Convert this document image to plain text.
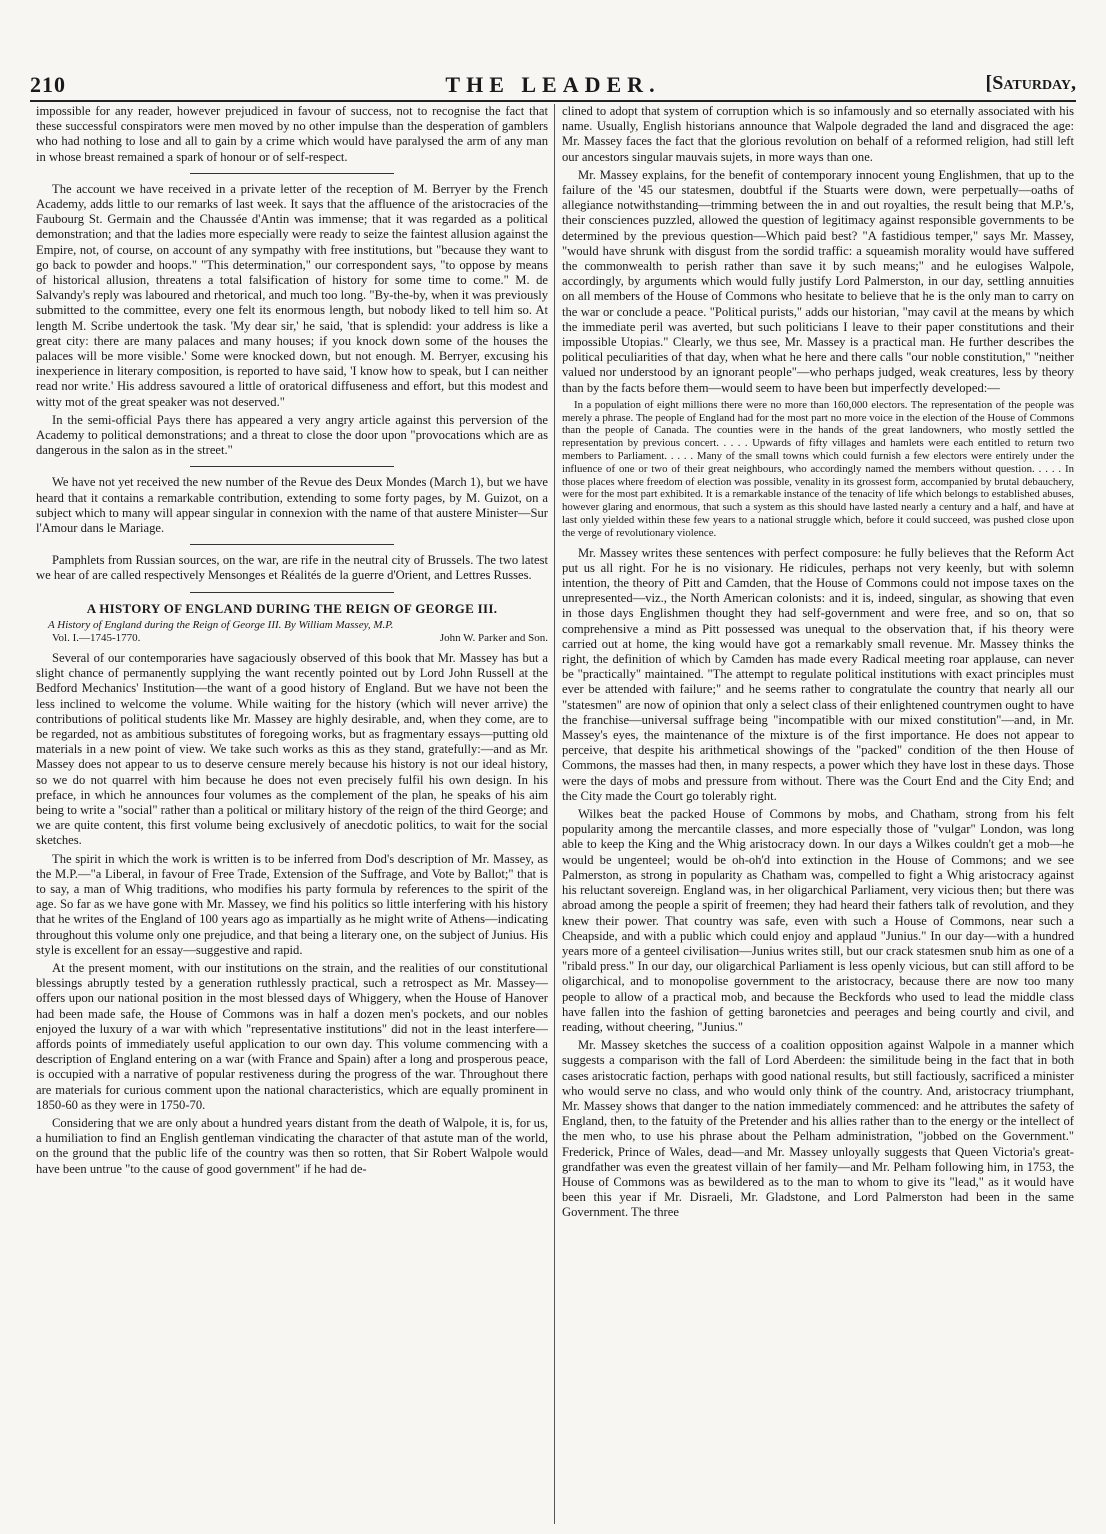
210	THE LEADER.	[Saturday,

impossible for any reader, however prejudiced in favour of success, not to recognise the fact that these successful conspirators were men moved by no other impulse than the desperation of gamblers who had nothing to lose and all to gain by a crime which would have paralysed the arm of any man in whose breast remained a spark of honour or of self-respect.

The account we have received in a private letter of the reception of M. Berryer by the French Academy, adds little to our remarks of last week. It says that the affluence of the aristocracies of the Faubourg St. Germain and the Chaussée d'Antin was immense; that it was regarded as a political demonstration; and that the ladies more especially were ready to seize the faintest allusion against the Empire, not, of course, on account of any sympathy with free institutions, but "because they want to go back to powder and hoops." "This determination," our correspondent says, "to oppose by means of historical allusion, threatens a total falsification of history for some time to come." M. de Salvandy's reply was laboured and rhetorical, and much too long. "By-the-by, when it was previously submitted to the committee, every one felt its enormous length, but nobody liked to tell him so. At length M. Scribe undertook the task. 'My dear sir,' he said, 'that is splendid: your address is like a great city: there are many palaces and many houses; if you knock down some of the houses the palaces will be more visible.' Some were knocked down, but not enough. M. Berryer, excusing his inexperience in literary composition, is reported to have said, 'I know how to speak, but I can neither read nor write.' His address savoured a little of oratorical diffuseness and effort, but this modest and witty mot of the great speaker was not deserved."

In the semi-official Pays there has appeared a very angry article against this perversion of the Academy to political demonstrations; and a threat to close the door upon "provocations which are as dangerous in the salon as in the street."

We have not yet received the new number of the Revue des Deux Mondes (March 1), but we have heard that it contains a remarkable contribution, extending to some forty pages, by M. Guizot, on a subject which to many will appear singular in connexion with the name of that austere Minister—Sur l'Amour dans le Mariage.

Pamphlets from Russian sources, on the war, are rife in the neutral city of Brussels. The two latest we hear of are called respectively Mensonges et Réalités de la guerre d'Orient, and Lettres Russes.

A HISTORY OF ENGLAND DURING THE REIGN OF GEORGE III.
A History of England during the Reign of George III. By William Massey, M.P.
Vol. I.—1745-1770.	John W. Parker and Son.

Several of our contemporaries have sagaciously observed of this book that Mr. Massey has but a slight chance of permanently supplying the want recently pointed out by Lord John Russell at the Bedford Mechanics' Institution—the want of a good history of England. But we have not been the less inclined to welcome the volume. While waiting for the history (which will never arrive) the contributions of political students like Mr. Massey are highly desirable, and, when they come, are to be regarded, not as ambitious substitutes of foregoing works, but as fragmentary essays—putting old materials in a new point of view. We take such works as this as they stand, gratefully:—and as Mr. Massey does not appear to us to deserve censure merely because his history is not our ideal history, so we do not quarrel with him because he does not even precisely fulfil his own design. In his preface, in which he announces four volumes as the complement of the plan, he speaks of his aim being to write a "social" rather than a political or military history of the reign of the third George; and we are quite content, this first volume being exclusively of anecdotic politics, to wait for the social sketches.

The spirit in which the work is written is to be inferred from Dod's description of Mr. Massey, as the M.P.—"a Liberal, in favour of Free Trade, Extension of the Suffrage, and Vote by Ballot;" that is to say, a man of Whig traditions, who modifies his party formula by references to the spirit of the age. So far as we have gone with Mr. Massey, we find his politics so little interfering with his history that he writes of the England of 100 years ago as impartially as he might write of Athens—indicating throughout this volume only one prejudice, and that being a literary one, on the subject of Junius. His style is excellent for an essay—suggestive and rapid.

At the present moment, with our institutions on the strain, and the realities of our constitutional blessings abruptly tested by a generation ruthlessly practical, such a retrospect as Mr. Massey—offers upon our national position in the most blessed days of Whiggery, when the House of Hanover had been made safe, the House of Commons was in half a dozen men's pockets, and our nobles enjoyed the luxury of a war with which "representative institutions" did not in the least interfere—affords points of immediately useful application to our own day. This volume commencing with a description of England entering on a war (with France and Spain) after a long and prosperous peace, is occupied with a narrative of popular restiveness during the progress of the war. Throughout there are materials for curious comment upon the national characteristics, which are equally prominent in 1850-60 as they were in 1750-70.

Considering that we are only about a hundred years distant from the death of Walpole, it is, for us, a humiliation to find an English gentleman vindicating the character of that astute man of the world, on the ground that the public life of the country was then so rotten, that Sir Robert Walpole would have been untrue "to the cause of good government" if he had de-

clined to adopt that system of corruption which is so infamously and so eternally associated with his name. Usually, English historians announce that Walpole degraded the land and disgraced the age: Mr. Massey faces the fact that the glorious revolution on behalf of a reformed religion, had still left our ancestors singular mauvais sujets, in more ways than one.

Mr. Massey explains, for the benefit of contemporary innocent young Englishmen, that up to the failure of the '45 our statesmen, doubtful if the Stuarts were down, were perpetually—oaths of allegiance notwithstanding—trimming between the in and out royalties, the result being that M.P.'s, their consciences puzzled, allowed the question of legitimacy against responsible governments to be determined by the previous question—Which paid best? "A fastidious temper," says Mr. Massey, "would have shrunk with disgust from the sordid traffic: a squeamish morality would have suffered the commonwealth to perish rather than save it by such means;" and he eulogises Walpole, accordingly, by arguments which would fully justify Lord Palmerston, in our day, settling annuities on all members of the House of Commons who hesitate to believe that he is the only man to carry on the war or conclude a peace. "Political purists," adds our historian, "may cavil at the means by which the immediate peril was averted, but such politicians I leave to their paper constitutions and their impossible Utopias." Clearly, we thus see, Mr. Massey is a practical man. He further describes the political peculiarities of that day, when what he here and there calls "our noble constitution," "neither valued nor understood by an ignorant people"—who perhaps judged, weak creatures, less by theory than by the facts before them—would seem to have been but imperfectly developed:—

In a population of eight millions there were no more than 160,000 electors. The representation of the people was merely a phrase. The people of England had for the most part no more voice in the election of the House of Commons than the people of Canada. The counties were in the hands of the great landowners, who mostly settled the representation by previous concert. . . . . Upwards of fifty villages and hamlets were each entitled to return two members to Parliament. . . . . Many of the small towns which could furnish a few electors were entirely under the influence of one or two of their great neighbours, who accordingly named the members without question. . . . . In those places where freedom of election was possible, venality in its grossest form, accompanied by brutal debauchery, were for the most part exhibited. It is a remarkable instance of the tenacity of life which belongs to established abuses, however glaring and enormous, that such a system as this should have lasted nearly a century and a half, and have at last only yielded within these few years to a national struggle which, before it could succeed, was pushed close upon the verge of revolutionary violence.

Mr. Massey writes these sentences with perfect composure: he fully believes that the Reform Act put us all right. For he is no visionary. He ridicules, perhaps not very keenly, but with solemn intention, the theory of Pitt and Camden, that the House of Commons could not impose taxes on the unrepresented—viz., the North American colonists: and it is, indeed, singular, as showing that even in those days Englishmen thought they had self-government and were free, and so on, that so comprehensive a mind as Pitt possessed was unequal to the observation that, if his theory were carried out at home, the king would have got a remarkably small revenue. Mr. Massey thinks the right, the definition of which by Camden has made every Radical meeting roar applause, can never be "practically" maintained. "The attempt to regulate political institutions with exact principles must ever be attended with failure;" and he seems rather to congratulate the country that nearly all our "statesmen" are now of opinion that only a select class of their enlightened countrymen ought to have the franchise—universal suffrage being "incompatible with our mixed constitution"—and, in Mr. Massey's eyes, the maintenance of the mixture is of the first importance. He does not appear to perceive, that despite his arithmetical showings of the "packed" condition of the then House of Commons, the masses had then, in many respects, a power which they have lost in these days. Those were the days of mobs and pressure from without. There was the Court End and the City End; and the City made the Court go tolerably right.

Wilkes beat the packed House of Commons by mobs, and Chatham, strong from his felt popularity among the mercantile classes, and more especially those of "vulgar" London, was long able to keep the King and the Whig aristocracy down. In our days a Wilkes couldn't get a mob—he would be ungenteel; would be oh-oh'd into extinction in the House of Commons; and we see Palmerston, as strong in popularity as Chatham was, compelled to fight a Whig aristocracy against his reluctant sovereign. England was, in her oligarchical Parliament, very vicious then; but there was abroad among the people a spirit of freemen; they had heard their fathers talk of revolution, and they knew their power. That country was safe, even with such a House of Commons, near such a Cheapside, and with a public which could enjoy and applaud "Junius." In our day—with a hundred years more of a genteel civilisation—Junius writes still, but our crack statesmen snub him as one of a "ribald press." In our day, our oligarchical Parliament is less openly vicious, but can still afford to be oligarchical, and to monopolise government to the aristocracy, because there are now too many people to allow of a practical mob, and because the Beckfords who used to lead the middle class have fallen into the fashion of getting baronetcies and peerages and being courtly and civil, and reading, without cheering, "Junius."

Mr. Massey sketches the success of a coalition opposition against Walpole in a manner which suggests a comparison with the fall of Lord Aberdeen: the similitude being in the fact that in both cases aristocratic faction, perhaps with good national results, but still factiously, sacrificed a minister who would serve no class, and who would only think of the country. And, aristocracy triumphant, Mr. Massey shows that danger to the nation immediately commenced: and he attributes the safety of England, then, to the fatuity of the Pretender and his allies rather than to the energy or the intellect of the men who, to use his phrase about the Pelham administration, "jobbed on the Government." Frederick, Prince of Wales, dead—and Mr. Massey unloyally suggests that Queen Victoria's great-grandfather was even the greatest villain of her family—and Mr. Pelham following him, in 1753, the House of Commons was as bewildered as to the man to whom to give its "lead," as it would have been this year if Mr. Disraeli, Mr. Gladstone, and Lord Palmerston had been in the same Government. The three
